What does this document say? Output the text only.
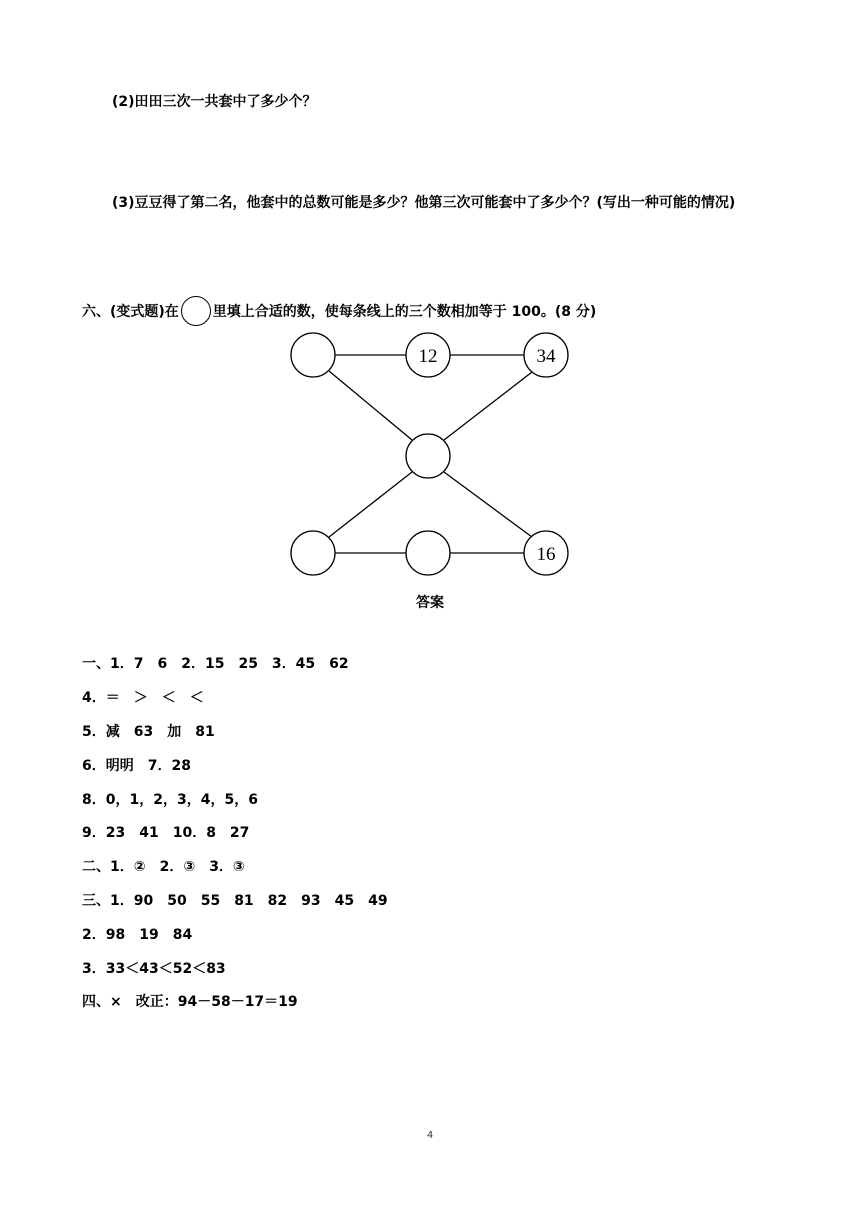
(2)田田三次一共套中了多少个？
(3)豆豆得了第二名，他套中的总数可能是多少？他第三次可能套中了多少个？(写出一种可能的情况)
六、(变式题)在 里填上合适的数，使每条线上的三个数相加等于 100。(8 分)
12	34
16
答案
一、1．7　6　2．15　25　3．45　62
4．＝　＞　＜　＜
5．减　63　加　81
6．明明　7．28
8．0，1，2，3，4，5，6
9．23　41　10．8　27
二、1．②　2．③　3．③
三、1．90　50　55　81　82　93　45　49
2．98　19　84
3．33＜43＜52＜83
四、×　改正：94－58－17＝19
4
